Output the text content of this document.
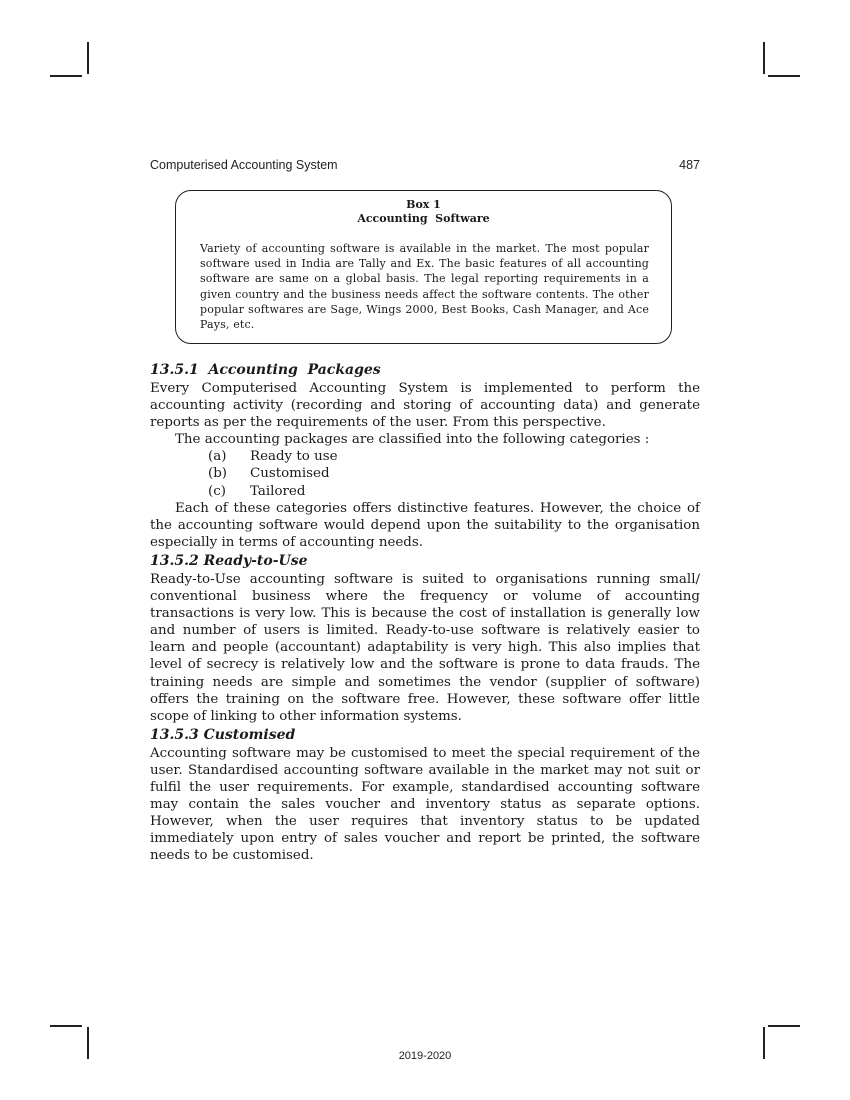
Computerised Accounting System	487
Box 1
Accounting  Software
Variety of accounting software is available in the market. The most popular software used in India are Tally and Ex. The basic features of all accounting software are same on a global basis. The legal reporting requirements in a given country and the business needs affect the software contents. The other popular softwares are Sage, Wings 2000, Best Books, Cash Manager, and Ace Pays, etc.
13.5.1  Accounting  Packages

Every Computerised Accounting System is implemented to perform the accounting activity (recording and storing of accounting data) and generate reports as per the requirements of the user. From this perspective.

The accounting packages are classified into the following categories :

(a)	Ready to use
(b)	Customised
(c)	Tailored

Each of these categories offers distinctive features. However, the choice of the accounting software would depend upon the suitability to the organisation especially in terms of accounting needs.

13.5.2 Ready-to-Use

Ready-to-Use accounting software is suited to organisations running small/ conventional business where the frequency or volume of accounting transactions is very low. This is because the cost of installation is generally low and number of users is limited. Ready-to-use software is relatively easier to learn and people (accountant) adaptability is very high. This also implies that level of secrecy is relatively low and the software is prone to data frauds. The training needs are simple and sometimes the vendor (supplier of software) offers the training on the software free. However, these software offer little scope of linking to other information systems.

13.5.3 Customised

Accounting software may be customised to meet the special requirement of the user. Standardised accounting software available in the market may not suit or fulfil the user requirements. For example, standardised accounting software may contain the sales voucher and inventory status as separate options. However, when the user requires that inventory status to be updated immediately upon entry of sales voucher and report be printed, the software needs to be customised.

2019-2020
